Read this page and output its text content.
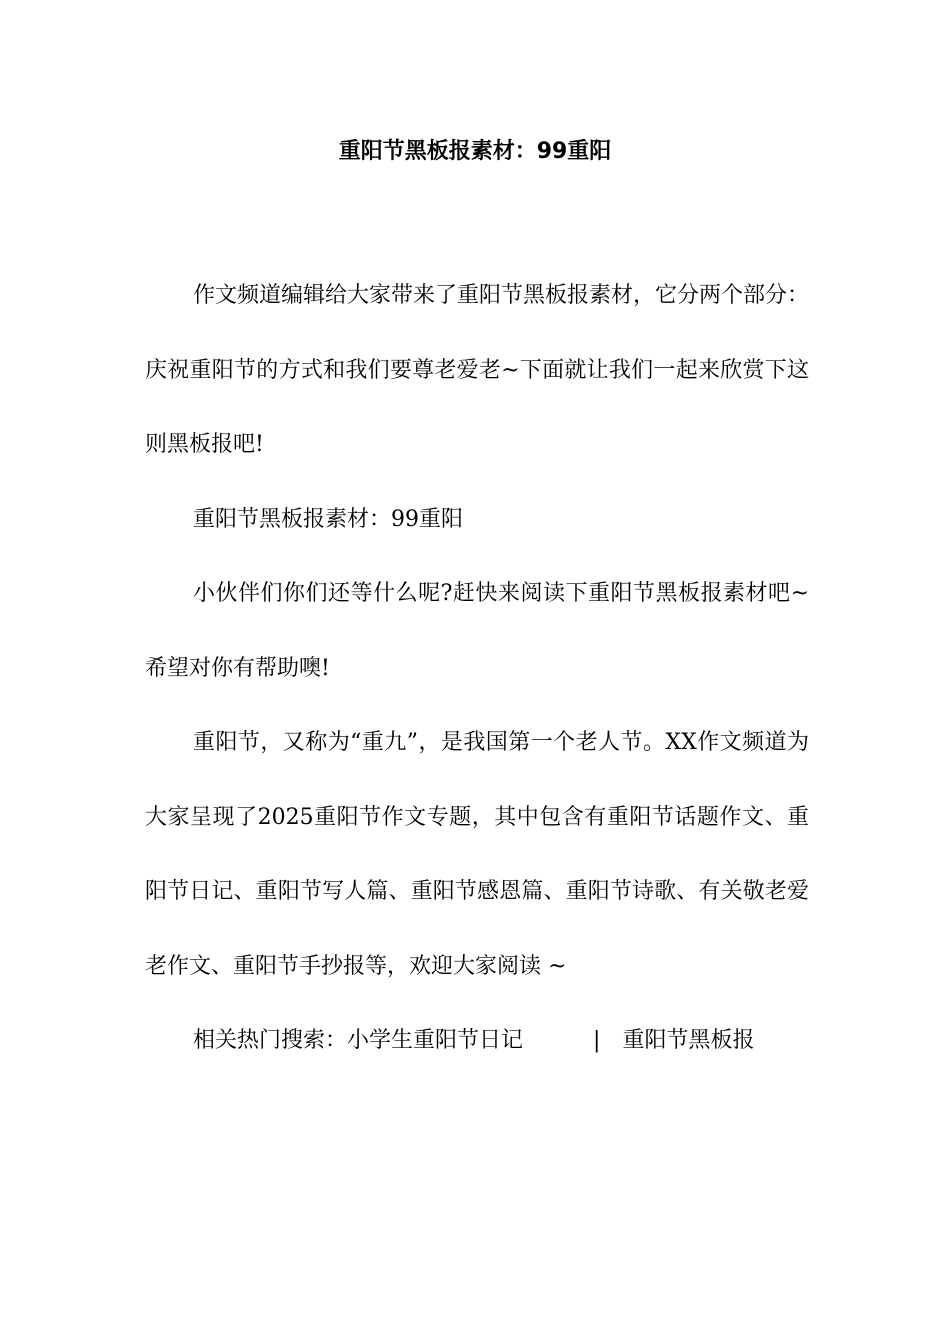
重阳节黑板报素材：99重阳

作文频道编辑给大家带来了重阳节黑板报素材，它分两个部分：庆祝重阳节的方式和我们要尊老爱老~下面就让我们一起来欣赏下这则黑板报吧!

重阳节黑板报素材：99重阳

小伙伴们你们还等什么呢?赶快来阅读下重阳节黑板报素材吧~希望对你有帮助噢!

重阳节，又称为“重九”，是我国第一个老人节。XX作文频道为大家呈现了2025重阳节作文专题，其中包含有重阳节话题作文、重阳节日记、重阳节写人篇、重阳节感恩篇、重阳节诗歌、有关敬老爱老作文、重阳节手抄报等，欢迎大家阅读 ~

相关热门搜索：小学生重阳节日记	| 重阳节黑板报
